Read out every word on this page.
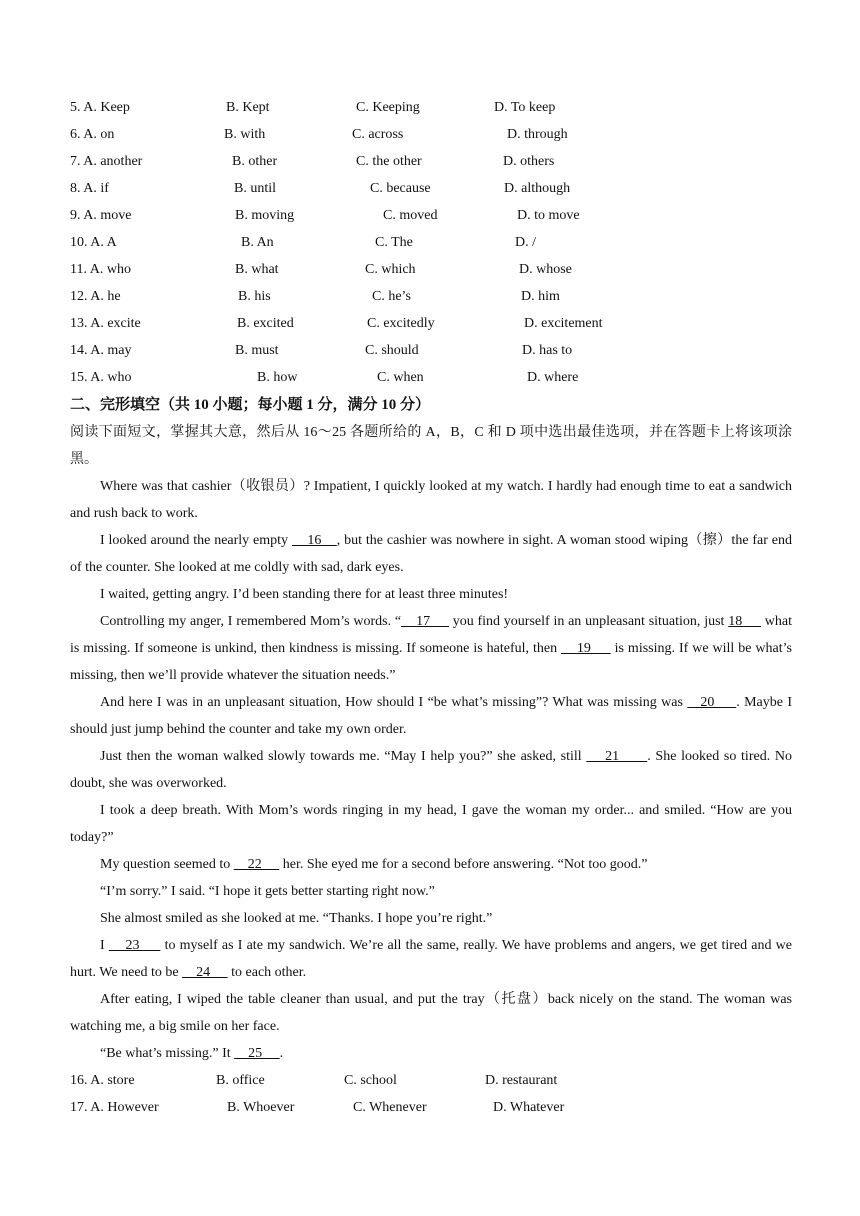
5. A. Keep	B. Kept	C. Keeping	D. To keep
6. A. on	B. with	C. across	D. through
7. A. another	B. other	C. the other	D. others
8. A. if	B. until	C. because	D. although
9. A. move	B. moving	C. moved	D. to move
10. A. A	B. An	C. The	D. /
11. A. who	B. what	C. which	D. whose
12. A. he	B. his	C. he’s	D. him
13. A. excite	B. excited	C. excitedly	D. excitement
14. A. may	B. must	C. should	D. has to
15. A. who	B. how	C. when	D. where
二、完形填空（共 10 小题；每小题 1 分，满分 10 分）

阅读下面短文，掌握其大意，然后从 16～25 各题所给的 A，B，C 和 D 项中选出最佳选项，并在答题卡上将该项涂黑。

Where was that cashier（收银员）? Impatient, I quickly looked at my watch. I hardly had enough time to eat a sandwich and rush back to work.

I looked around the nearly empty     16    , but the cashier was nowhere in sight. A woman stood wiping（擦）the far end of the counter. She looked at me coldly with sad, dark eyes.

I waited, getting angry. I’d been standing there for at least three minutes!

Controlling my anger, I remembered Mom’s words. “    17      you find yourself in an unpleasant situation, just 18      what is missing. If someone is unkind, then kindness is missing. If someone is hateful, then     19      is missing. If we will be what’s missing, then we’ll provide whatever the situation needs.”

And here I was in an unpleasant situation, How should I “be what’s missing”? What was missing was    20     . Maybe I should just jump behind the counter and take my own order.

Just then the woman walked slowly towards me. “May I help you?” she asked, still     21      . She looked so tired. No doubt, she was overworked.

I took a deep breath. With Mom’s words ringing in my head, I gave the woman my order... and smiled. “How are you today?”

My question seemed to     22      her. She eyed me for a second before answering. “Not too good.”

“I’m sorry.” I said. “I hope it gets better starting right now.”

She almost smiled as she looked at me. “Thanks. I hope you’re right.”

I     23      to myself as I ate my sandwich. We’re all the same, really. We have problems and angers, we get tired and we hurt. We need to be     24      to each other.

After eating, I wiped the table cleaner than usual, and put the tray（托盘）back nicely on the stand. The woman was watching me, a big smile on her face.

“Be what’s missing.” It     25     .

16. A. store	B. office	C. school	D. restaurant
17. A. However	B. Whoever	C. Whenever	D. Whatever
